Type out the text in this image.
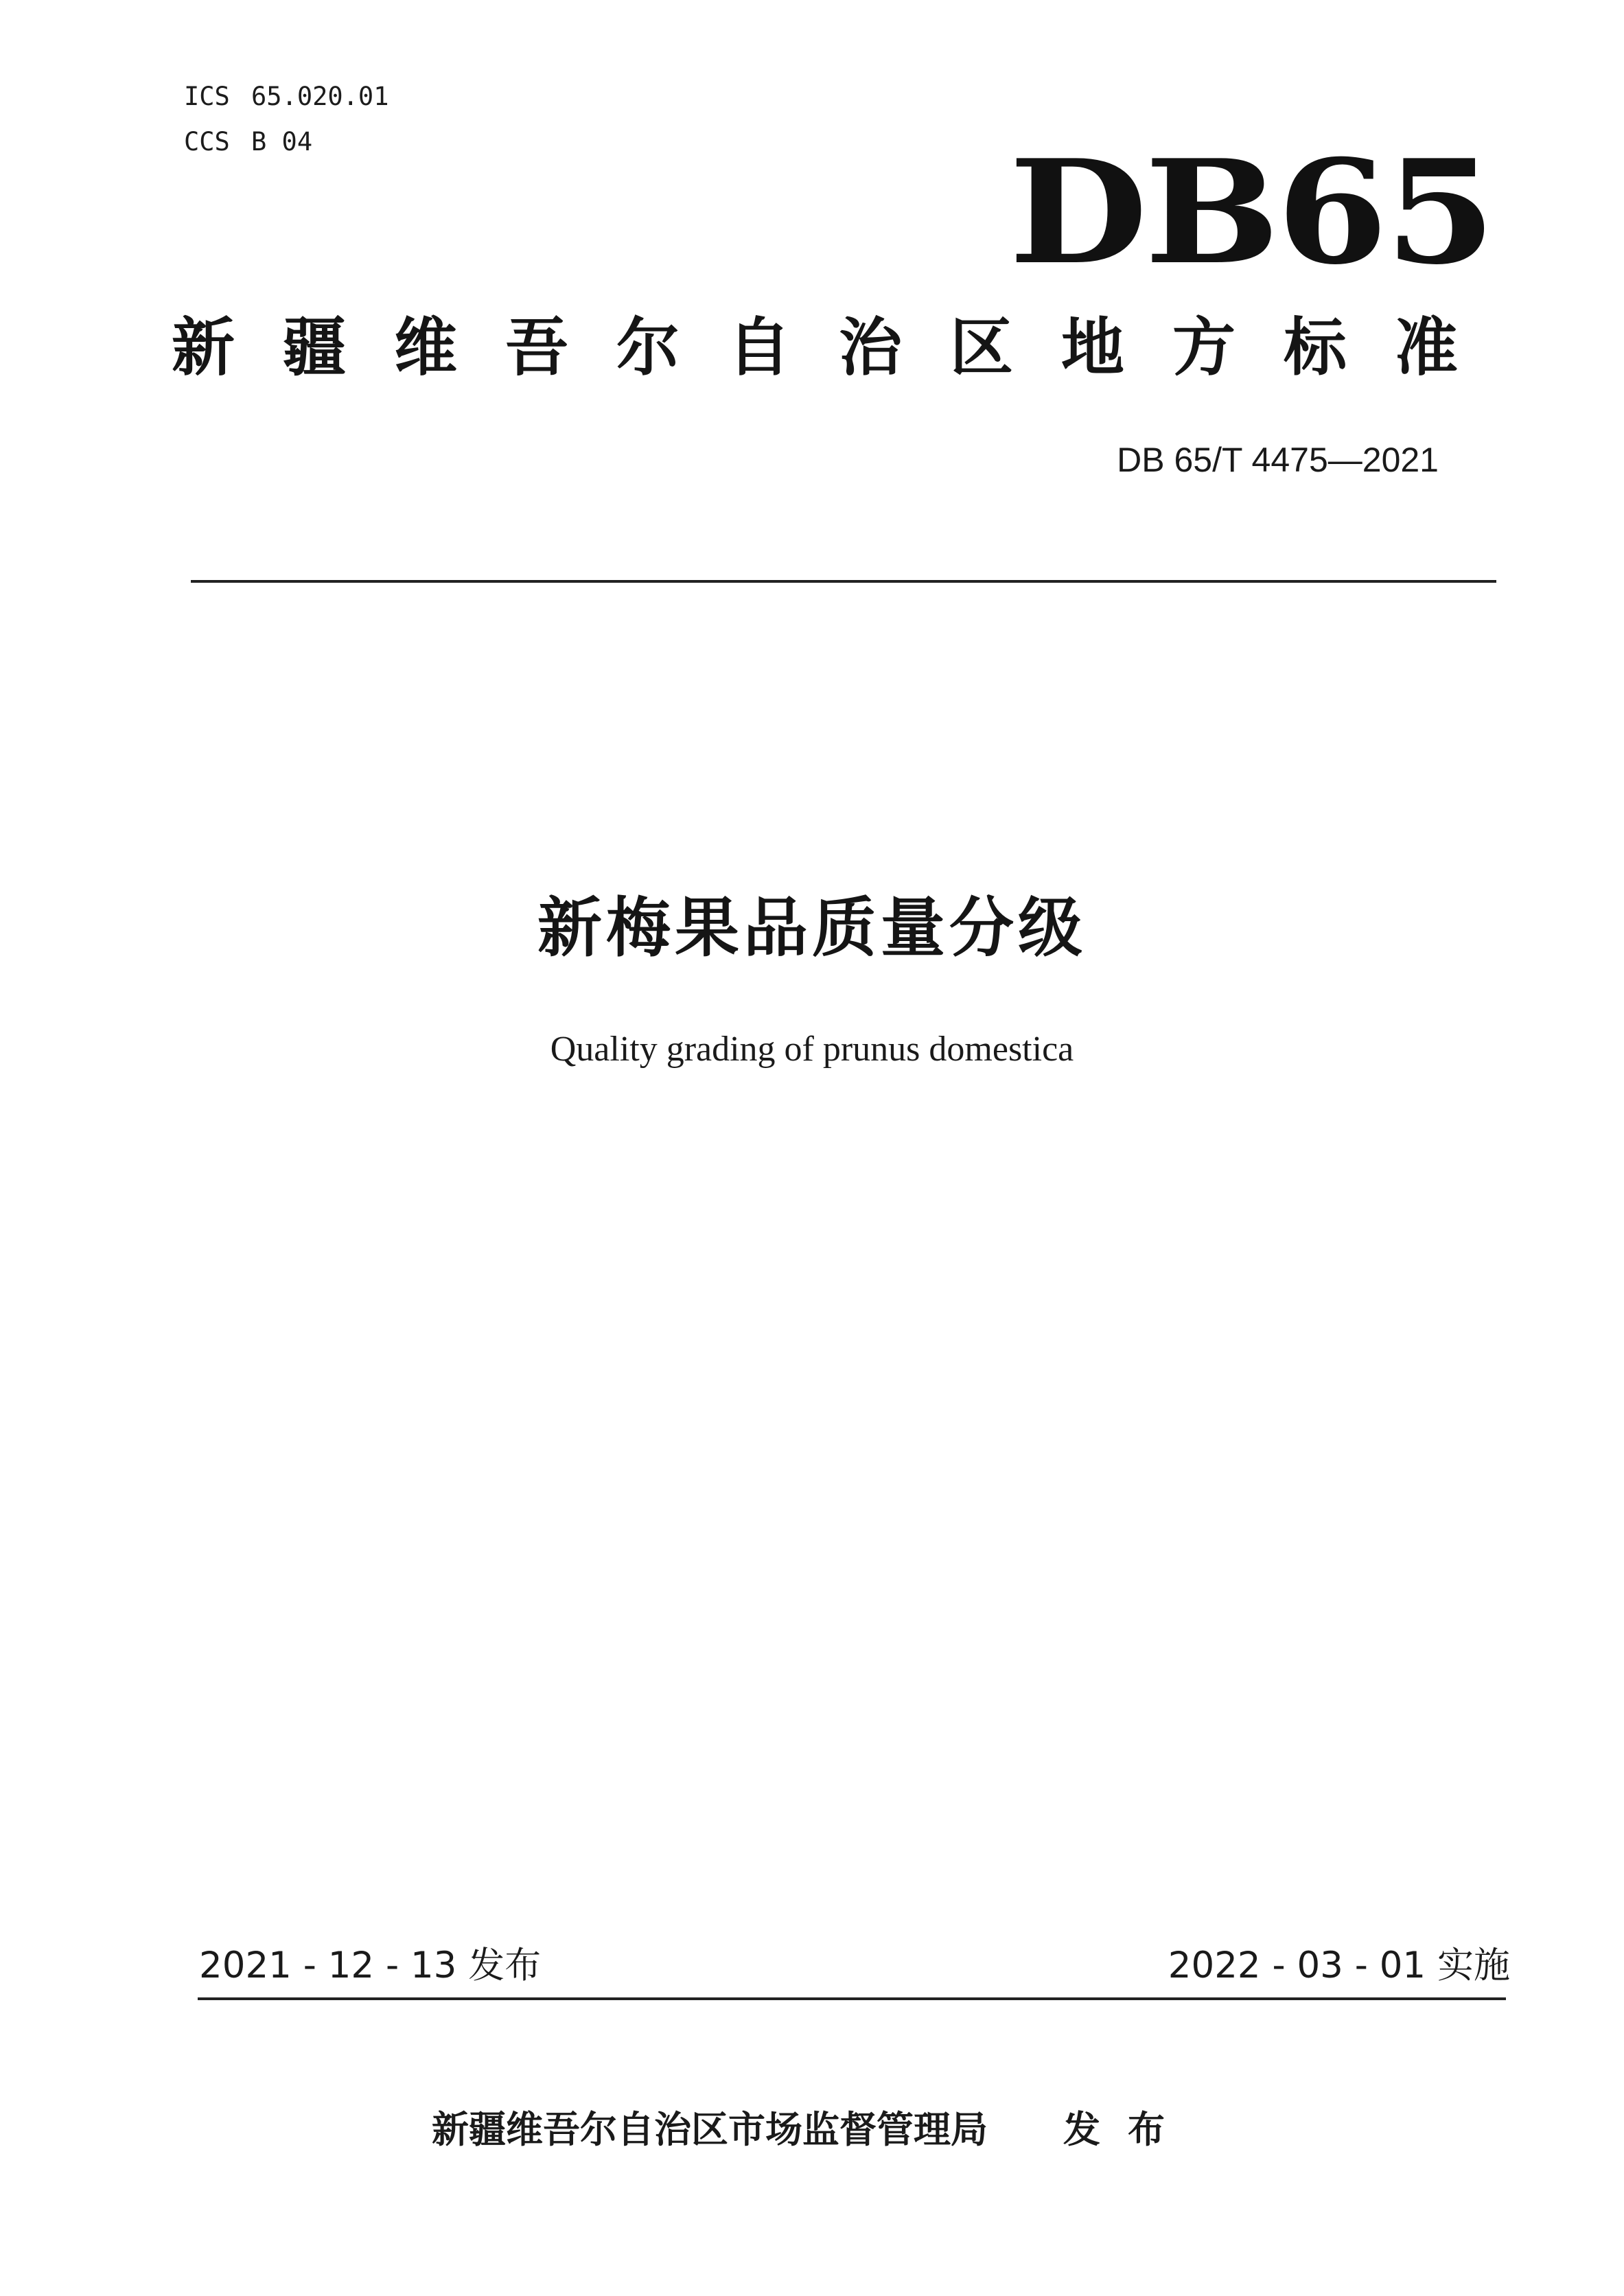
ICS 65.020.01
CCS B 04	DB65
新疆维吾尔自治区地方标准
DB 65/T 4475—2021
新梅果品质量分级
Quality grading of prunus domestica
2021 - 12 - 13 发布	2022 - 03 - 01 实施
新疆维吾尔自治区市场监督管理局 发布
